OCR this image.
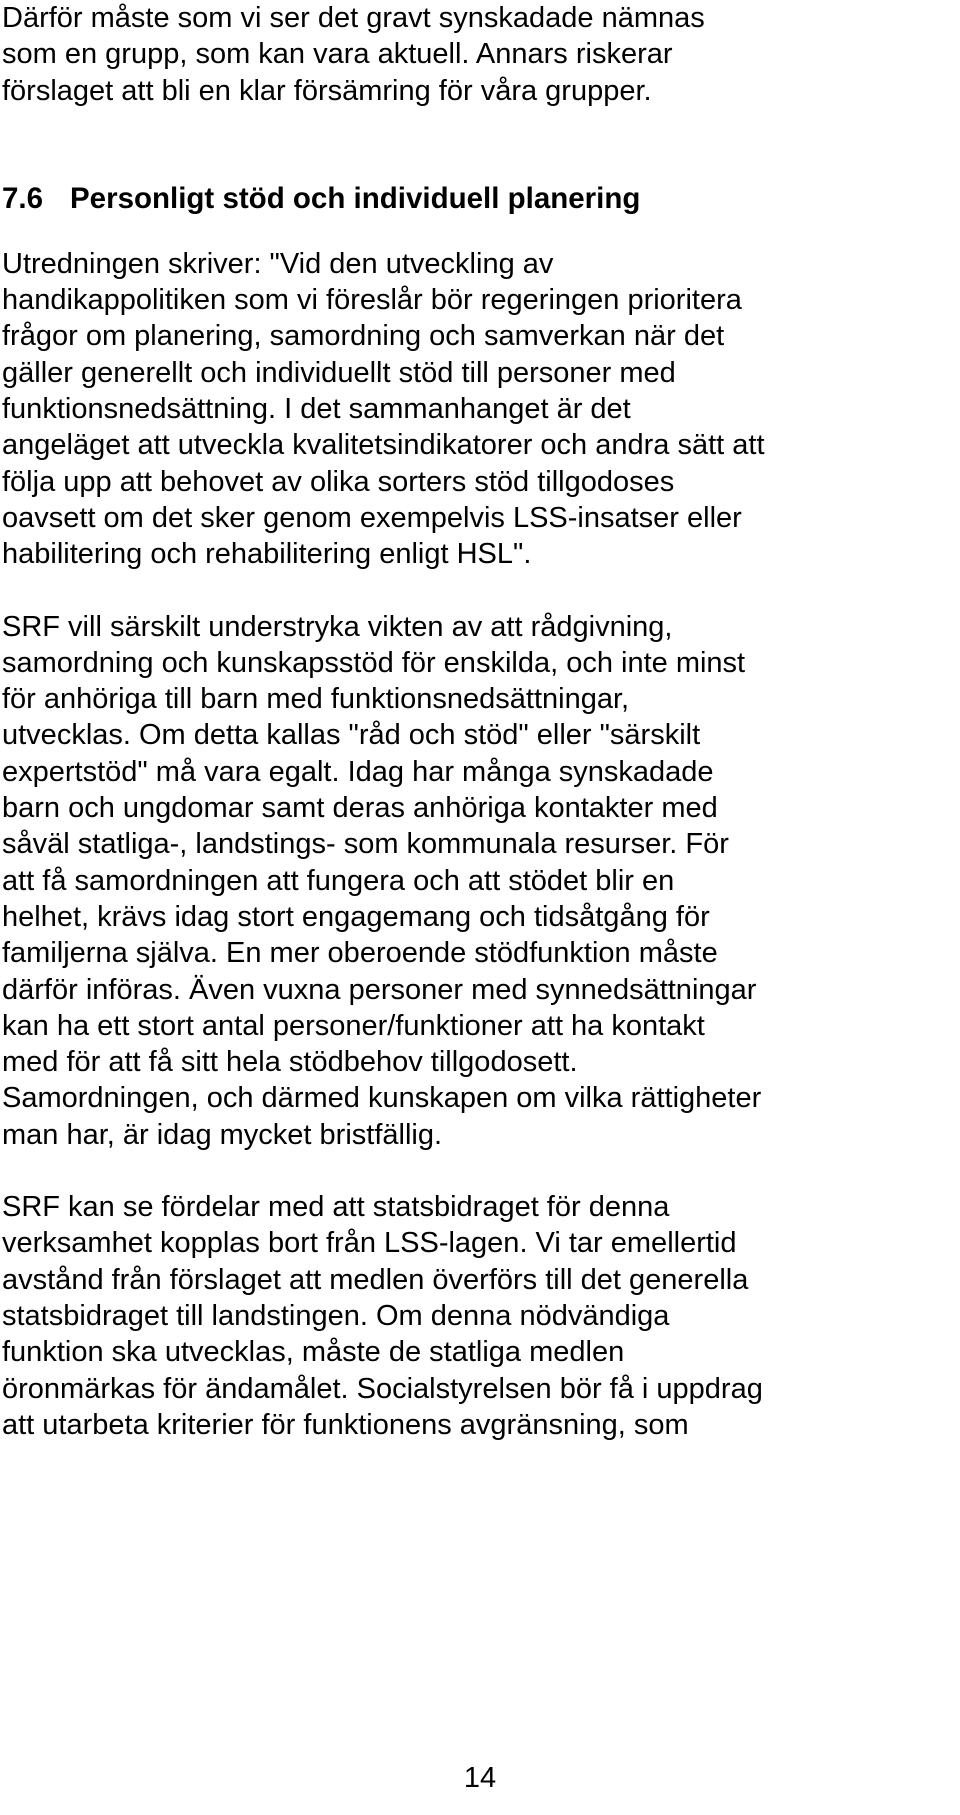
Därför måste som vi ser det gravt synskadade nämnas
som en grupp, som kan vara aktuell. Annars riskerar
förslaget att bli en klar försämring för våra grupper.

7.6 Personligt stöd och individuell planering

Utredningen skriver: "Vid den utveckling av
handikappolitiken som vi föreslår bör regeringen prioritera
frågor om planering, samordning och samverkan när det
gäller generellt och individuellt stöd till personer med
funktionsnedsättning. I det sammanhanget är det
angeläget att utveckla kvalitetsindikatorer och andra sätt att
följa upp att behovet av olika sorters stöd tillgodoses
oavsett om det sker genom exempelvis LSS-insatser eller
habilitering och rehabilitering enligt HSL".

SRF vill särskilt understryka vikten av att rådgivning,
samordning och kunskapsstöd för enskilda, och inte minst
för anhöriga till barn med funktionsnedsättningar,
utvecklas. Om detta kallas "råd och stöd" eller "särskilt
expertstöd" må vara egalt. Idag har många synskadade
barn och ungdomar samt deras anhöriga kontakter med
såväl statliga-, landstings- som kommunala resurser. För
att få samordningen att fungera och att stödet blir en
helhet, krävs idag stort engagemang och tidsåtgång för
familjerna själva. En mer oberoende stödfunktion måste
därför införas. Även vuxna personer med synnedsättningar
kan ha ett stort antal personer/funktioner att ha kontakt
med för att få sitt hela stödbehov tillgodosett.
Samordningen, och därmed kunskapen om vilka rättigheter
man har, är idag mycket bristfällig.

SRF kan se fördelar med att statsbidraget för denna
verksamhet kopplas bort från LSS-lagen. Vi tar emellertid
avstånd från förslaget att medlen överförs till det generella
statsbidraget till landstingen. Om denna nödvändiga
funktion ska utvecklas, måste de statliga medlen
öronmärkas för ändamålet. Socialstyrelsen bör få i uppdrag
att utarbeta kriterier för funktionens avgränsning, som

14
